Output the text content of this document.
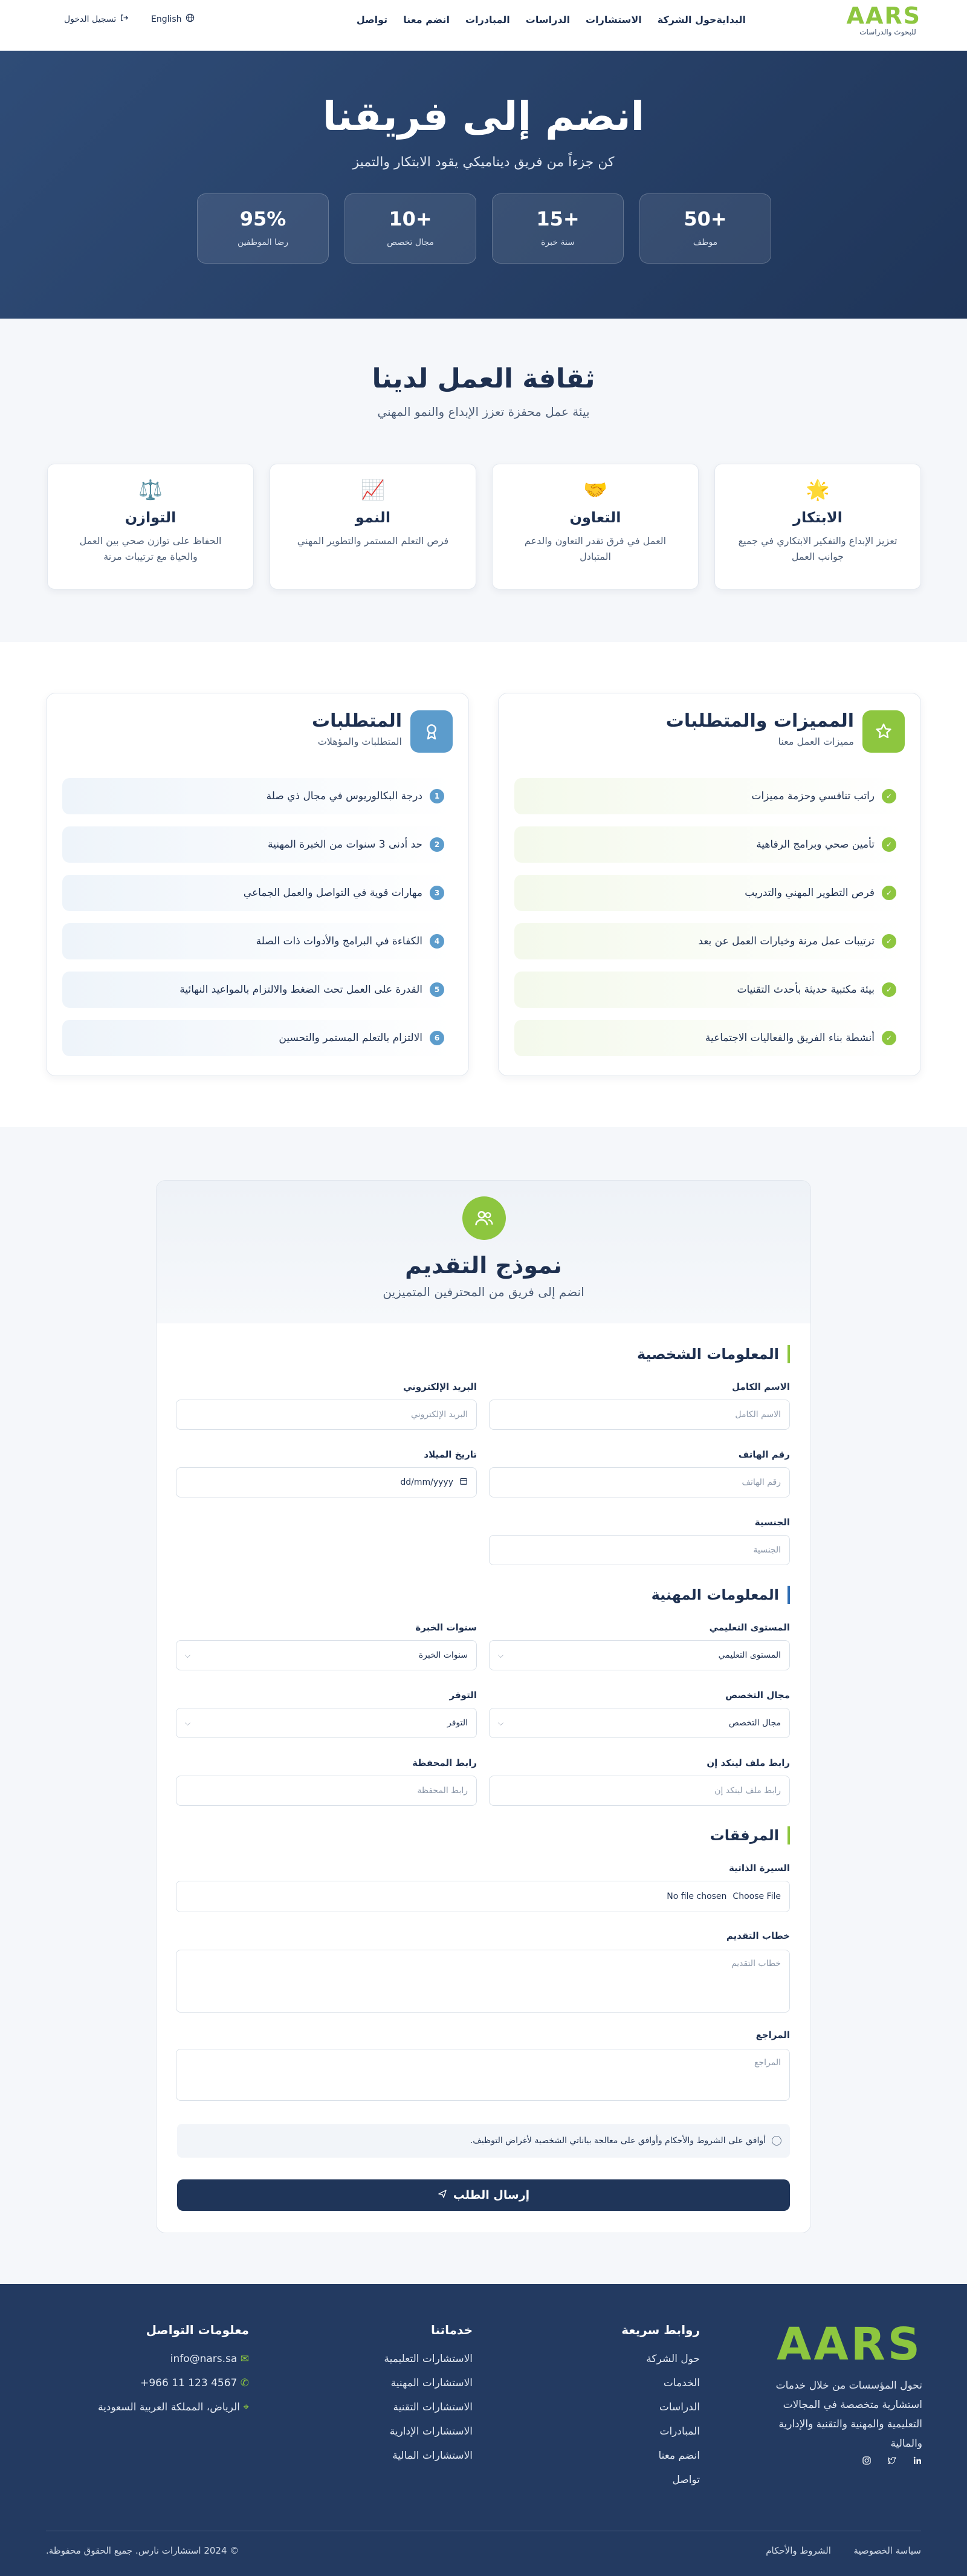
AARS
للبحوث والدراسات
البداية
حول الشركة
الاستشارات
الدراسات
المبادرات
انضم معنا
تواصل
English
تسجيل الدخول
انضم إلى فريقنا

كن جزءاً من فريق ديناميكي يقود الابتكار والتميز

+50
موظف
+15
سنة خبرة
+10
مجال تخصص
95%
رضا الموظفين
ثقافة العمل لدينا
بيئة عمل محفزة تعزز الإبداع والنمو المهني
🌟
الابتكار

تعزيز الإبداع والتفكير الابتكاري في جميع جوانب العمل

🤝
التعاون

العمل في فرق تقدر التعاون والدعم المتبادل

📈
النمو

فرص التعلم المستمر والتطوير المهني

⚖️
التوازن

الحفاظ على توازن صحي بين العمل والحياة مع ترتيبات مرنة

المميزات والمتطلبات
مميزات العمل معنا
✓
راتب تنافسي وحزمة مميزات
✓
تأمين صحي وبرامج الرفاهية
✓
فرص التطوير المهني والتدريب
✓
ترتيبات عمل مرنة وخيارات العمل عن بعد
✓
بيئة مكتبية حديثة بأحدث التقنيات
✓
أنشطة بناء الفريق والفعاليات الاجتماعية
المتطلبات
المتطلبات والمؤهلات
1
درجة البكالوريوس في مجال ذي صلة
2
حد أدنى 3 سنوات من الخبرة المهنية
3
مهارات قوية في التواصل والعمل الجماعي
4
الكفاءة في البرامج والأدوات ذات الصلة
5
القدرة على العمل تحت الضغط والالتزام بالمواعيد النهائية
6
الالتزام بالتعلم المستمر والتحسين
نموذج التقديم

انضم إلى فريق من المحترفين المتميزين

المعلومات الشخصية
الاسم الكامل
الاسم الكامل
البريد الإلكتروني
البريد الإلكتروني
رقم الهاتف
رقم الهاتف
تاريخ الميلاد
dd/mm/yyyy
الجنسية
الجنسية
المعلومات المهنية
المستوى التعليمي
المستوى التعليمي
⌵
سنوات الخبرة
سنوات الخبرة
⌵
مجال التخصص
مجال التخصص
⌵
التوفر
التوفر
⌵
رابط ملف لينكد إن
رابط ملف لينكد إن
رابط المحفظة
رابط المحفظة
المرفقات
السيرة الذاتية
Choose File
No file chosen
خطاب التقديم
خطاب التقديم
المراجع
المراجع
أوافق على الشروط والأحكام وأوافق على معالجة بياناتي الشخصية لأغراض التوظيف.
إرسال الطلب
AARS

تحول المؤسسات من خلال خدمات استشارية متخصصة في المجالات التعليمية والمهنية والتقنية والإدارية والمالية

روابط سريعة
حول الشركة
الخدمات
الدراسات
المبادرات
انضم معنا
تواصل
خدماتنا
الاستشارات التعليمية
الاستشارات المهنية
الاستشارات التقنية
الاستشارات الإدارية
الاستشارات المالية
معلومات التواصل
✉ info@nars.sa
✆ +966 11 123 4567
⌖ الرياض، المملكة العربية السعودية
سياسة الخصوصية  الشروط والأحكام
© 2024 استشارات نارس. جميع الحقوق محفوظة.
